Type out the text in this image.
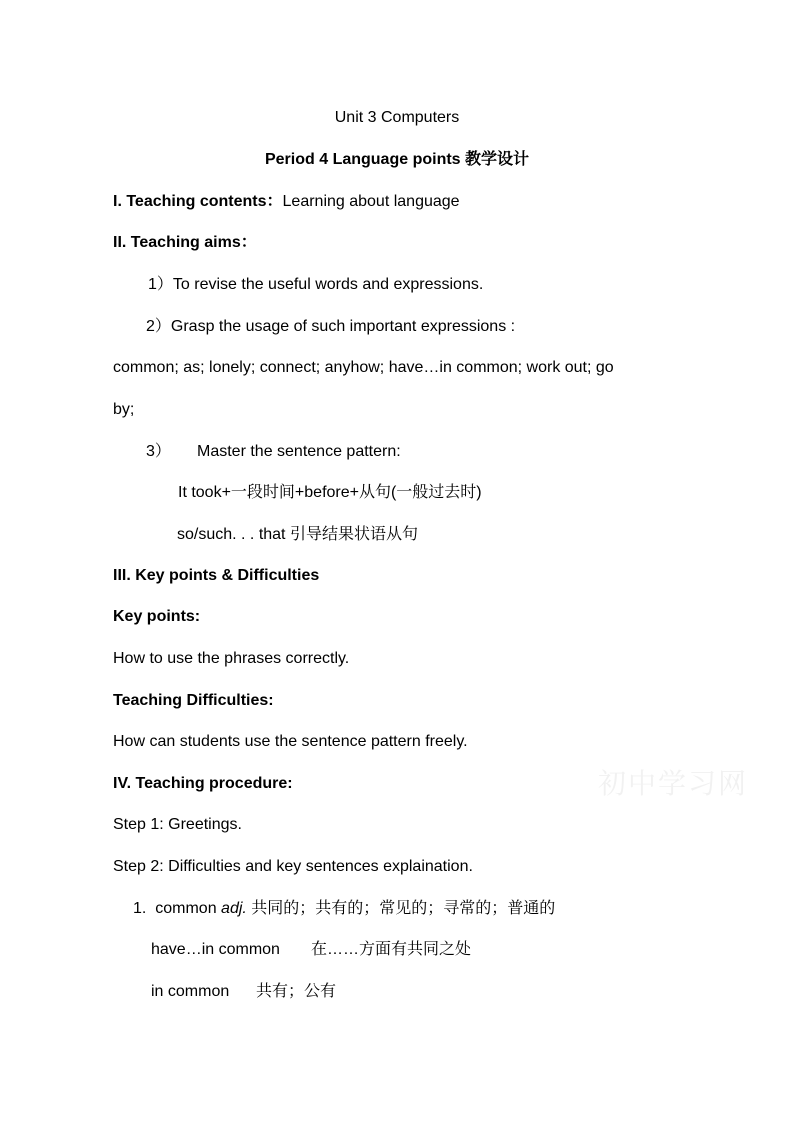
Unit 3 Computers
Period 4 Language points 教学设计
I. Teaching contents：Learning about language
II. Teaching aims：
1）To revise the useful words and expressions.
2）Grasp the usage of such important expressions :
common; as; lonely; connect; anyhow; have…in common; work out; go
by;
3） Master the sentence pattern:
It took+一段时间+before+从句(一般过去时)
so/such. . . that 引导结果状语从句
III. Key points & Difficulties
Key points:
How to use the phrases correctly.
Teaching Difficulties:
How can students use the sentence pattern freely.
IV. Teaching procedure:
Step 1: Greetings.
Step 2: Difficulties and key sentences explaination.
1. common adj. 共同的；共有的；常见的；寻常的；普通的
have…in common 在……方面有共同之处
in common 共有；公有
初中学习网
